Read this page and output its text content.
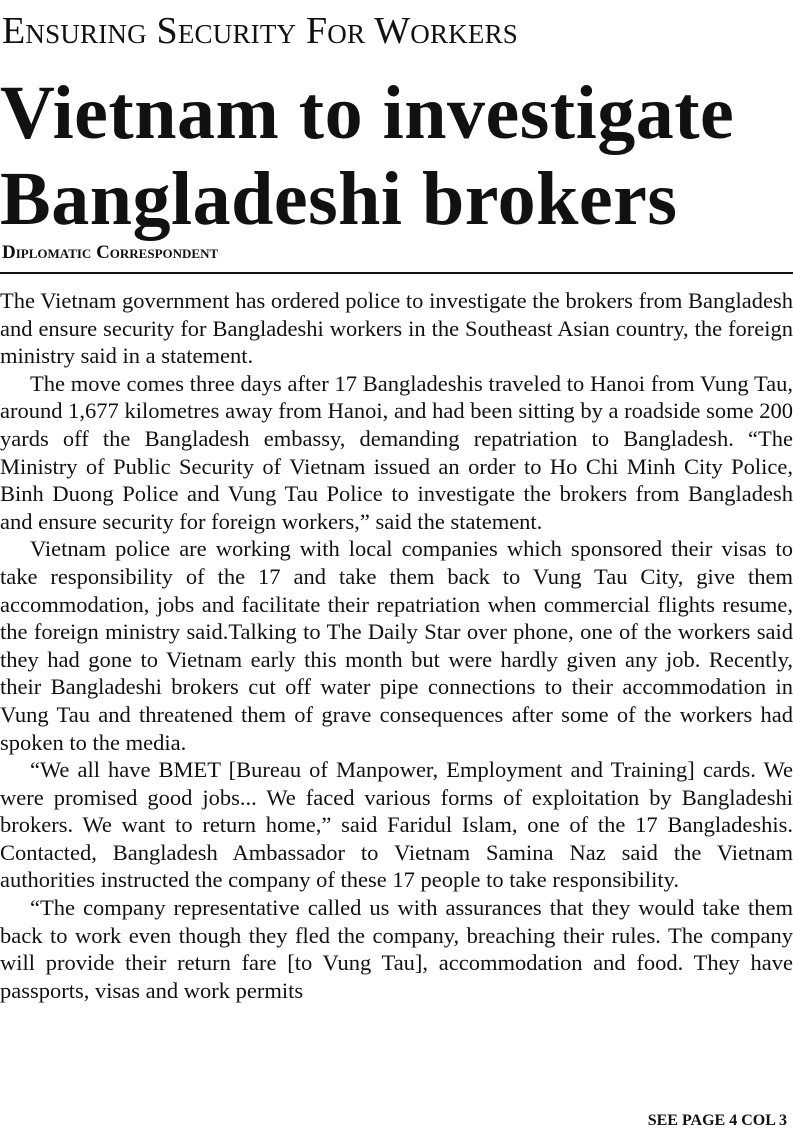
Ensuring Security For Workers
Vietnam to investigate Bangladeshi brokers
Diplomatic Correspondent

The Vietnam government has ordered police to investigate the brokers from Bangladesh and ensure security for Bangladeshi workers in the Southeast Asian country, the foreign ministry said in a statement.

The move comes three days after 17 Bangladeshis traveled to Hanoi from Vung Tau, around 1,677 kilometres away from Hanoi, and had been sitting by a roadside some 200 yards off the Bangladesh embassy, demanding repatriation to Bangladesh. “The Ministry of Public Security of Vietnam issued an order to Ho Chi Minh City Police, Binh Duong Police and Vung Tau Police to investigate the brokers from Bangladesh and ensure security for foreign workers,” said the statement.

Vietnam police are working with local companies which sponsored their visas to take responsibility of the 17 and take them back to Vung Tau City, give them accommodation, jobs and facilitate their repatriation when commercial flights resume, the foreign ministry said.Talking to The Daily Star over phone, one of the workers said they had gone to Vietnam early this month but were hardly given any job. Recently, their Bangladeshi brokers cut off water pipe connections to their accommodation in Vung Tau and threatened them of grave consequences after some of the workers had spoken to the media.

“We all have BMET [Bureau of Manpower, Employment and Training] cards. We were promised good jobs... We faced various forms of exploitation by Bangladeshi brokers. We want to return home,” said Faridul Islam, one of the 17 Bangladeshis. Contacted, Bangladesh Ambassador to Vietnam Samina Naz said the Vietnam authorities instructed the company of these 17 people to take responsibility.

“The company representative called us with assurances that they would take them back to work even though they fled the company, breaching their rules. The company will provide their return fare [to Vung Tau], accommodation and food. They have passports, visas and work permits

SEE PAGE 4 COL 3
